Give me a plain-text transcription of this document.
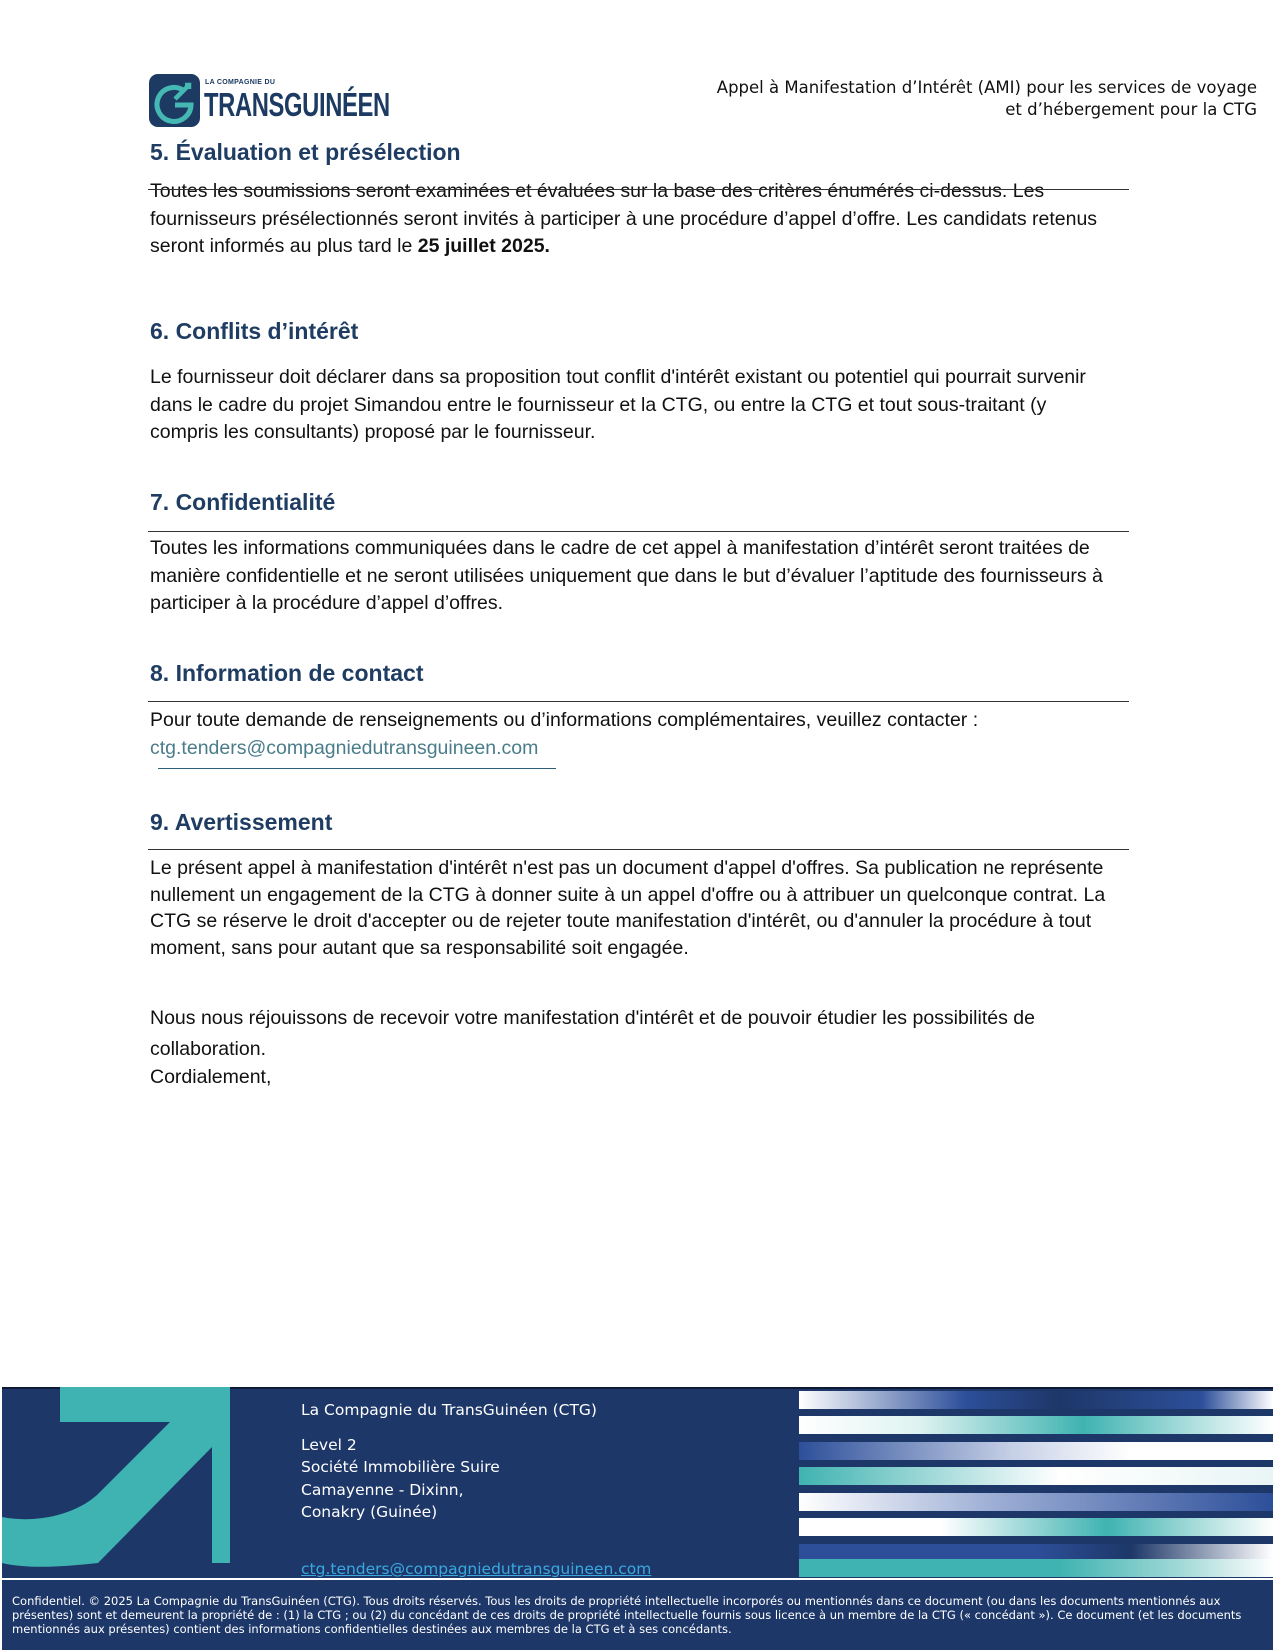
LA COMPAGNIE DU
TRANSGUINÉEN	Appel à Manifestation d’Intérêt (AMI) pour les services de voyage et d’hébergement pour la CTG
5. Évaluation et présélection
Toutes les soumissions seront examinées et évaluées sur la base des critères énumérés ci-dessus. Les fournisseurs présélectionnés seront invités à participer à une procédure d’appel d’offre. Les candidats retenus seront informés au plus tard le 25 juillet 2025.
6. Conflits d’intérêt

Le fournisseur doit déclarer dans sa proposition tout conflit d'intérêt existant ou potentiel qui pourrait survenir dans le cadre du projet Simandou entre le fournisseur et la CTG, ou entre la CTG et tout sous-traitant (y compris les consultants) proposé par le fournisseur.

7. Confidentialité

Toutes les informations communiquées dans le cadre de cet appel à manifestation d’intérêt seront traitées de manière confidentielle et ne seront utilisées uniquement que dans le but d’évaluer l’aptitude des fournisseurs à participer à la procédure d’appel d’offres.

8. Information de contact

Pour toute demande de renseignements ou d’informations complémentaires, veuillez contacter :
ctg.tenders@compagniedutransguineen.com

9. Avertissement

Le présent appel à manifestation d'intérêt n'est pas un document d'appel d'offres. Sa publication ne représente nullement un engagement de la CTG à donner suite à un appel d'offre ou à attribuer un quelconque contrat. La CTG se réserve le droit d'accepter ou de rejeter toute manifestation d'intérêt, ou d'annuler la procédure à tout moment, sans pour autant que sa responsabilité soit engagée.

Nous nous réjouissons de recevoir votre manifestation d'intérêt et de pouvoir étudier les possibilités de collaboration.

Cordialement,

La Compagnie du TransGuinéen (CTG)
Level 2
Société Immobilière Suire
Camayenne - Dixinn,
Conakry (Guinée)
ctg.tenders@compagniedutransguineen.com
Confidentiel. © 2025 La Compagnie du TransGuinéen (CTG). Tous droits réservés. Tous les droits de propriété intellectuelle incorporés ou mentionnés dans ce document (ou dans les documents mentionnés aux présentes) sont et demeurent la propriété de : (1) la CTG ; ou (2) du concédant de ces droits de propriété intellectuelle fournis sous licence à un membre de la CTG (« concédant »). Ce document (et les documents mentionnés aux présentes) contient des informations confidentielles destinées aux membres de la CTG et à ses concédants.
